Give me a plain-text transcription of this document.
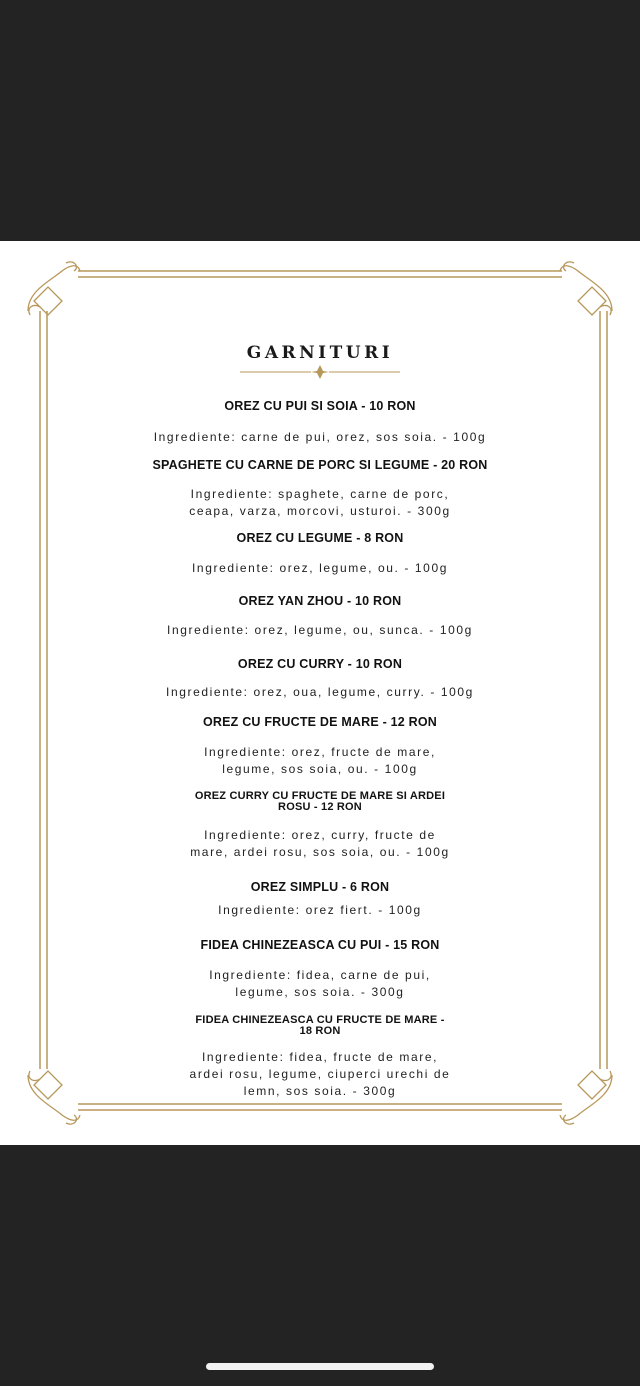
GARNITURI
OREZ CU PUI SI SOIA - 10 RON
Ingrediente: carne de pui, orez, sos soia. - 100g
SPAGHETE CU CARNE DE PORC SI LEGUME - 20 RON
Ingrediente: spaghete, carne de porc,
ceapa, varza, morcovi, usturoi. - 300g
OREZ CU LEGUME - 8 RON
Ingrediente: orez, legume, ou. - 100g
OREZ YAN ZHOU - 10 RON
Ingrediente: orez, legume, ou, sunca. - 100g
OREZ CU CURRY - 10 RON
Ingrediente: orez, oua, legume, curry. - 100g
OREZ CU FRUCTE DE MARE - 12 RON
Ingrediente: orez, fructe de mare,
legume, sos soia, ou. - 100g
OREZ CURRY CU FRUCTE DE MARE SI ARDEI
ROSU - 12 RON
Ingrediente: orez, curry, fructe de
mare, ardei rosu, sos soia, ou. - 100g
OREZ SIMPLU - 6 RON
Ingrediente: orez fiert. - 100g
FIDEA CHINEZEASCA CU PUI - 15 RON
Ingrediente: fidea, carne de pui,
legume, sos soia. - 300g
FIDEA CHINEZEASCA CU FRUCTE DE MARE -
18 RON
Ingrediente: fidea, fructe de mare,
ardei rosu, legume, ciuperci urechi de
lemn, sos soia. - 300g
